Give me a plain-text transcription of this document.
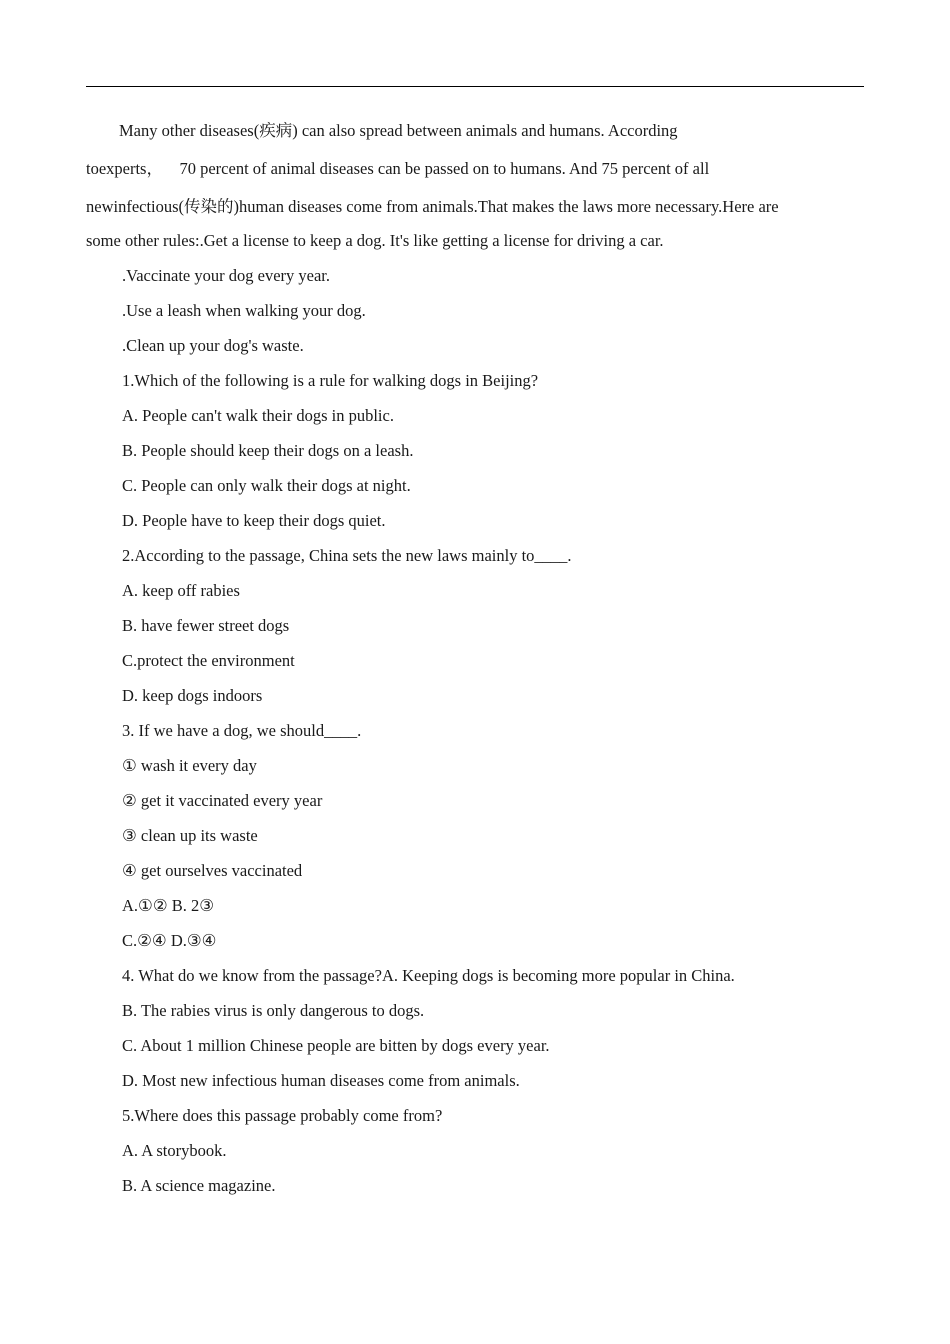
Many other diseases(疾病) can also spread between animals and humans. According
toexperts，    70 percent of animal diseases can be passed on to humans. And 75 percent of all
newinfectious(传染的)human diseases come from animals.That makes the laws more necessary.Here are
some other rules:.Get a license to keep a dog. It's like getting a license for driving a car.
.Vaccinate your dog every year.
.Use a leash when walking your dog.
.Clean up your dog's waste.
1.Which of the following is a rule for walking dogs in Beijing?
A. People can't walk their dogs in public.
B. People should keep their dogs on a leash.
C. People can only walk their dogs at night.
D. People have to keep their dogs quiet.
2.According to the passage, China sets the new laws mainly to____.
A. keep off rabies
B. have fewer street dogs
C.protect the environment
D. keep dogs indoors
3. If we have a dog, we should____.
① wash it every day
② get it vaccinated every year
③ clean up its waste
④ get ourselves vaccinated
A.①② B. 2③
C.②④ D.③④
4. What do we know from the passage?A. Keeping dogs is becoming more popular in China.
B. The rabies virus is only dangerous to dogs.
C. About 1 million Chinese people are bitten by dogs every year.
D. Most new infectious human diseases come from animals.
5.Where does this passage probably come from?
A. A storybook.
B. A science magazine.
